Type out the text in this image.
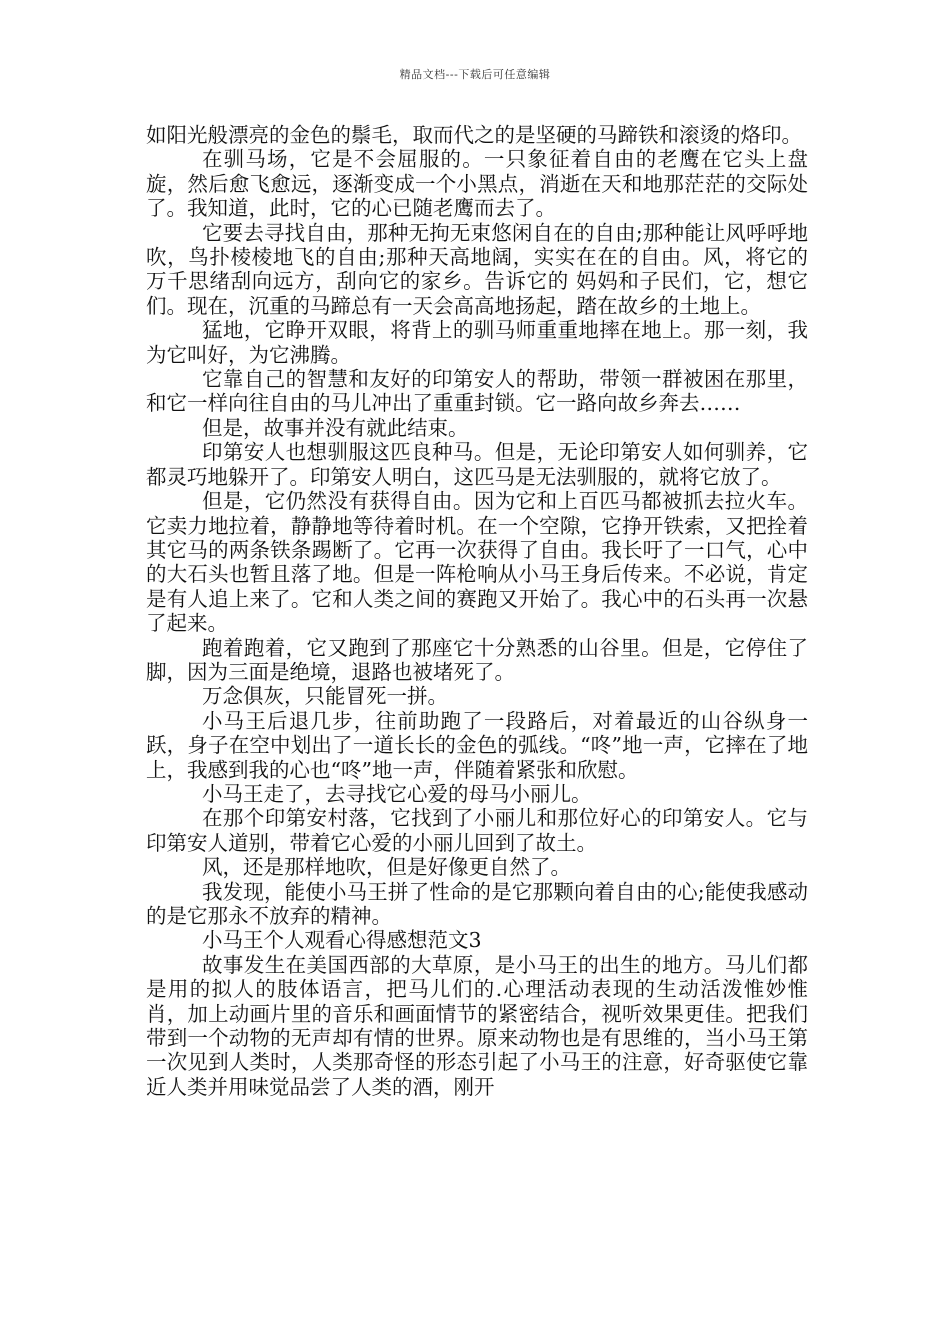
精品文档---下载后可任意编辑

如阳光般漂亮的金色的鬃毛，取而代之的是坚硬的马蹄铁和滚烫的烙印。

在驯马场，它是不会屈服的。一只象征着自由的老鹰在它头上盘旋，然后愈飞愈远，逐渐变成一个小黑点，消逝在天和地那茫茫的交际处了。我知道，此时，它的心已随老鹰而去了。

它要去寻找自由，那种无拘无束悠闲自在的自由;那种能让风呼呼地吹，鸟扑棱棱地飞的自由;那种天高地阔，实实在在的自由。风，将它的万千思绪刮向远方，刮向它的家乡。告诉它的 妈妈和子民们，它，想它们。现在，沉重的马蹄总有一天会高高地扬起，踏在故乡的土地上。

猛地，它睁开双眼，将背上的驯马师重重地摔在地上。那一刻，我为它叫好，为它沸腾。

它靠自己的智慧和友好的印第安人的帮助，带领一群被困在那里，和它一样向往自由的马儿冲出了重重封锁。它一路向故乡奔去……

但是，故事并没有就此结束。

印第安人也想驯服这匹良种马。但是，无论印第安人如何驯养，它都灵巧地躲开了。印第安人明白，这匹马是无法驯服的，就将它放了。

但是，它仍然没有获得自由。因为它和上百匹马都被抓去拉火车。它卖力地拉着，静静地等待着时机。在一个空隙，它挣开铁索，又把拴着其它马的两条铁条踢断了。它再一次获得了自由。我长吁了一口气，心中的大石头也暂且落了地。但是一阵枪响从小马王身后传来。不必说，肯定是有人追上来了。它和人类之间的赛跑又开始了。我心中的石头再一次悬了起来。

跑着跑着，它又跑到了那座它十分熟悉的山谷里。但是，它停住了脚，因为三面是绝境，退路也被堵死了。

万念俱灰，只能冒死一拼。

小马王后退几步，往前助跑了一段路后，对着最近的山谷纵身一跃，身子在空中划出了一道长长的金色的弧线。“咚”地一声，它摔在了地上，我感到我的心也“咚”地一声，伴随着紧张和欣慰。

小马王走了，去寻找它心爱的母马小丽儿。

在那个印第安村落，它找到了小丽儿和那位好心的印第安人。它与印第安人道别，带着它心爱的小丽儿回到了故土。

风，还是那样地吹，但是好像更自然了。

我发现，能使小马王拼了性命的是它那颗向着自由的心;能使我感动的是它那永不放弃的精神。

小马王个人观看心得感想范文3

故事发生在美国西部的大草原，是小马王的出生的地方。马儿们都是用的拟人的肢体语言，把马儿们的.心理活动表现的生动活泼惟妙惟肖，加上动画片里的音乐和画面情节的紧密结合，视听效果更佳。把我们带到一个动物的无声却有情的世界。原来动物也是有思维的，当小马王第一次见到人类时，人类那奇怪的形态引起了小马王的注意，好奇驱使它靠近人类并用味觉品尝了人类的酒，刚开
